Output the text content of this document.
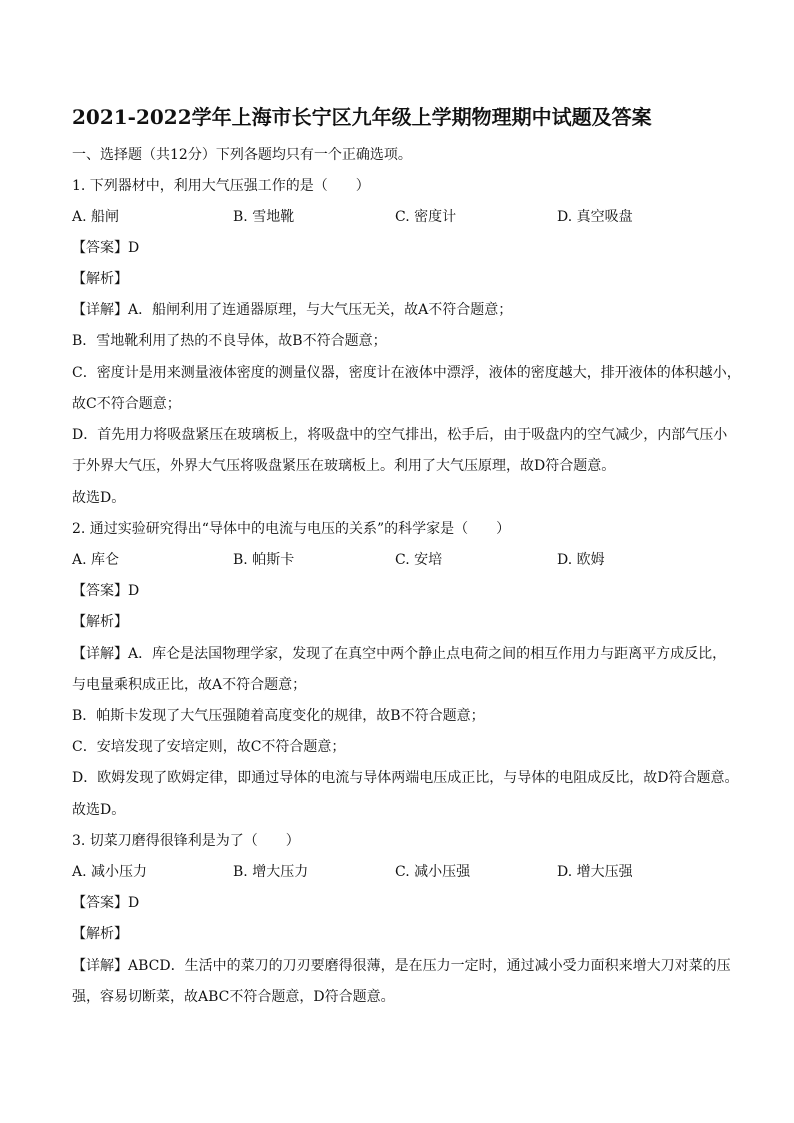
2021-2022学年上海市长宁区九年级上学期物理期中试题及答案
一、选择题（共12分）下列各题均只有一个正确选项。
1. 下列器材中，利用大气压强工作的是（　　）
A. 船闸	B. 雪地靴	C. 密度计	D. 真空吸盘
【答案】D
【解析】
【详解】A．船闸利用了连通器原理，与大气压无关，故A不符合题意；
B．雪地靴利用了热的不良导体，故B不符合题意；
C．密度计是用来测量液体密度的测量仪器，密度计在液体中漂浮，液体的密度越大，排开液体的体积越小，
故C不符合题意；
D．首先用力将吸盘紧压在玻璃板上，将吸盘中的空气排出，松手后，由于吸盘内的空气减少，内部气压小
于外界大气压，外界大气压将吸盘紧压在玻璃板上。利用了大气压原理，故D符合题意。
故选D。
2. 通过实验研究得出“导体中的电流与电压的关系”的科学家是（　　）
A. 库仑	B. 帕斯卡	C. 安培	D. 欧姆
【答案】D
【解析】
【详解】A．库仑是法国物理学家，发现了在真空中两个静止点电荷之间的相互作用力与距离平方成反比，
与电量乘积成正比，故A不符合题意；
B．帕斯卡发现了大气压强随着高度变化的规律，故B不符合题意；
C．安培发现了安培定则，故C不符合题意；
D．欧姆发现了欧姆定律，即通过导体的电流与导体两端电压成正比，与导体的电阻成反比，故D符合题意。
故选D。
3. 切菜刀磨得很锋利是为了（　　）
A. 减小压力	B. 增大压力	C. 减小压强	D. 增大压强
【答案】D
【解析】
【详解】ABCD．生活中的菜刀的刀刃要磨得很薄，是在压力一定时，通过减小受力面积来增大刀对菜的压
强，容易切断菜，故ABC不符合题意，D符合题意。
